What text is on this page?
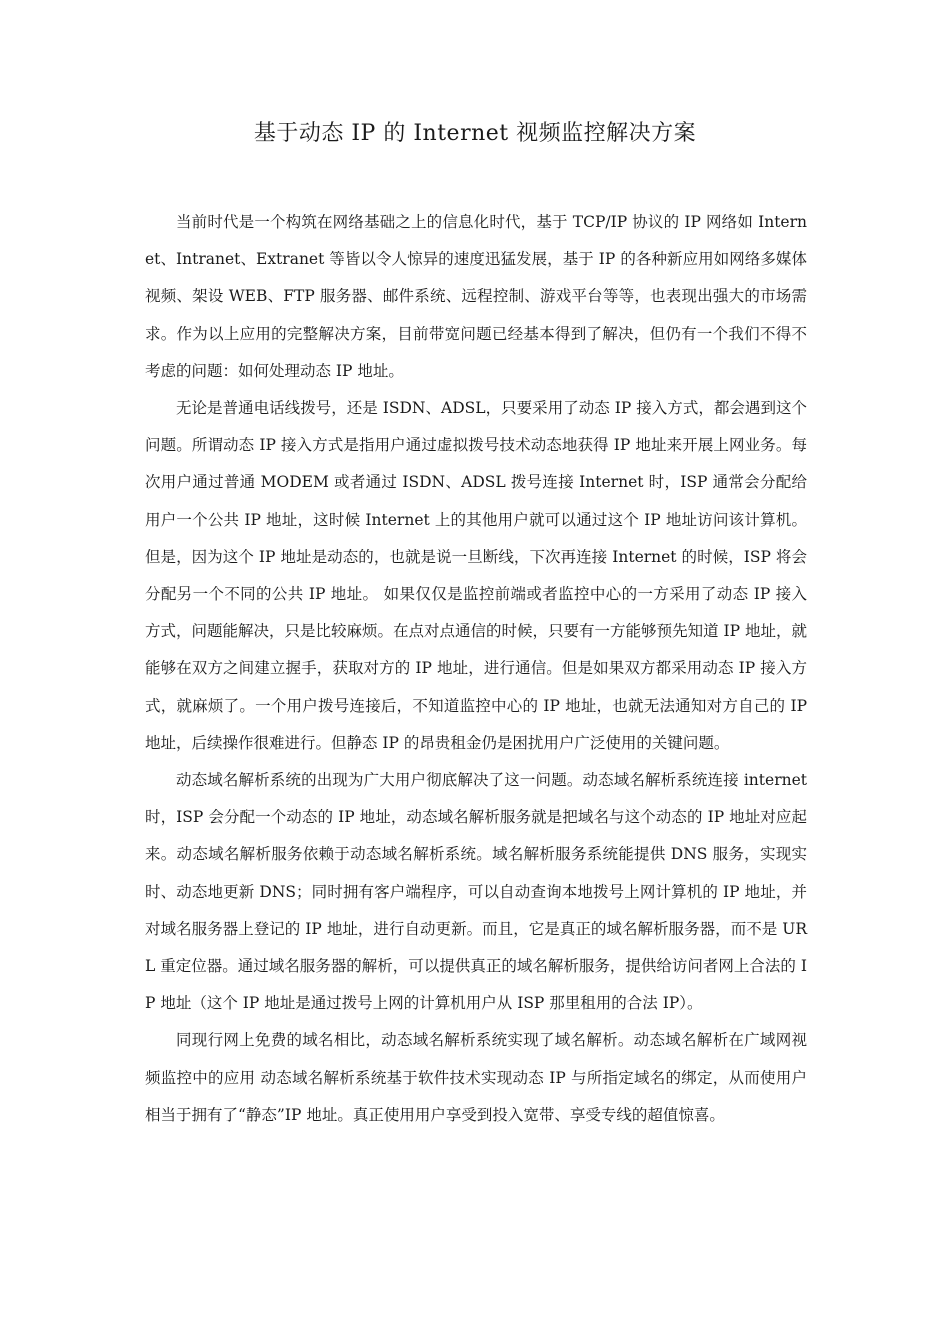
基于动态 IP 的 Internet 视频监控解决方案

当前时代是一个构筑在网络基础之上的信息化时代，基于 TCP/IP 协议的 IP 网络如 Internet、Intranet、Extranet 等皆以令人惊异的速度迅猛发展，基于 IP 的各种新应用如网络多媒体视频、架设 WEB、FTP 服务器、邮件系统、远程控制、游戏平台等等，也表现出强大的市场需求。作为以上应用的完整解决方案，目前带宽问题已经基本得到了解决，但仍有一个我们不得不考虑的问题：如何处理动态 IP 地址。

无论是普通电话线拨号，还是 ISDN、ADSL，只要采用了动态 IP 接入方式，都会遇到这个问题。所谓动态 IP 接入方式是指用户通过虚拟拨号技术动态地获得 IP 地址来开展上网业务。每次用户通过普通 MODEM 或者通过 ISDN、ADSL 拨号连接 Internet 时，ISP 通常会分配给用户一个公共 IP 地址，这时候 Internet 上的其他用户就可以通过这个 IP 地址访问该计算机。但是，因为这个 IP 地址是动态的，也就是说一旦断线，下次再连接 Internet 的时候，ISP 将会分配另一个不同的公共 IP 地址。 如果仅仅是监控前端或者监控中心的一方采用了动态 IP 接入方式，问题能解决，只是比较麻烦。在点对点通信的时候，只要有一方能够预先知道 IP 地址，就能够在双方之间建立握手，获取对方的 IP 地址，进行通信。但是如果双方都采用动态 IP 接入方式，就麻烦了。一个用户拨号连接后，不知道监控中心的 IP 地址，也就无法通知对方自己的 IP 地址，后续操作很难进行。但静态 IP 的昂贵租金仍是困扰用户广泛使用的关键问题。

动态域名解析系统的出现为广大用户彻底解决了这一问题。动态域名解析系统连接 internet 时，ISP 会分配一个动态的 IP 地址，动态域名解析服务就是把域名与这个动态的 IP 地址对应起来。动态域名解析服务依赖于动态域名解析系统。域名解析服务系统能提供 DNS 服务，实现实时、动态地更新 DNS；同时拥有客户端程序，可以自动查询本地拨号上网计算机的 IP 地址，并对域名服务器上登记的 IP 地址，进行自动更新。而且，它是真正的域名解析服务器，而不是 URL 重定位器。通过域名服务器的解析，可以提供真正的域名解析服务，提供给访问者网上合法的 IP 地址（这个 IP 地址是通过拨号上网的计算机用户从 ISP 那里租用的合法 IP）。

同现行网上免费的域名相比，动态域名解析系统实现了域名解析。动态域名解析在广域网视频监控中的应用 动态域名解析系统基于软件技术实现动态 IP 与所指定域名的绑定，从而使用户相当于拥有了“静态”IP 地址。真正使用用户享受到投入宽带、享受专线的超值惊喜。
